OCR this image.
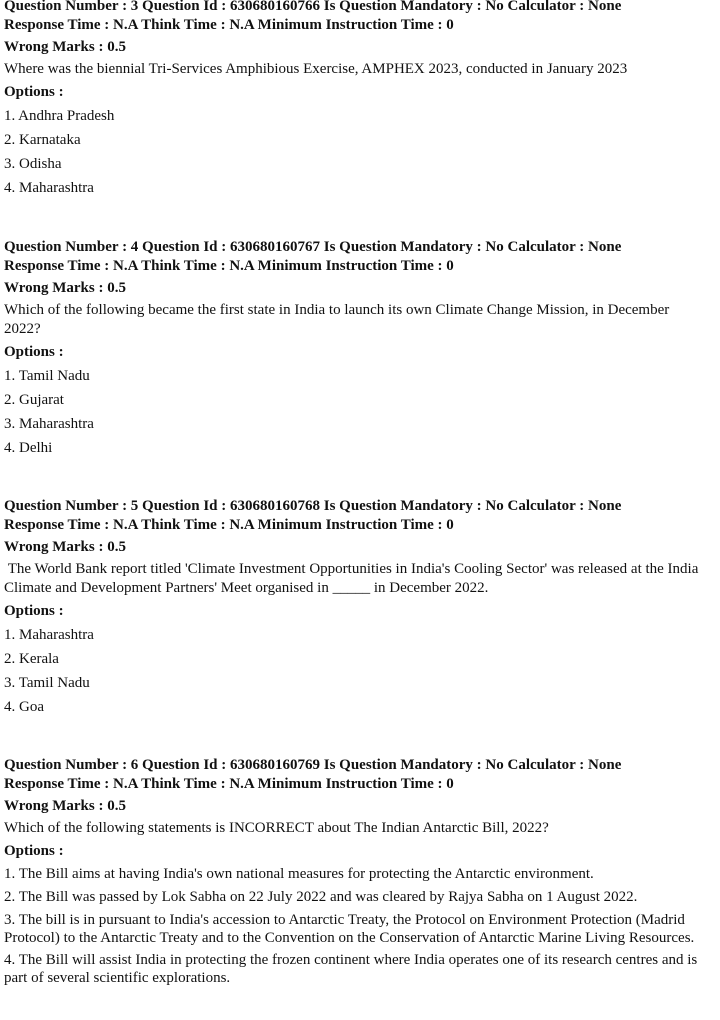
Question Number : 3 Question Id : 630680160766 Is Question Mandatory : No Calculator : None
Response Time : N.A Think Time : N.A Minimum Instruction Time : 0
Wrong Marks : 0.5
Where was the biennial Tri-Services Amphibious Exercise, AMPHEX 2023, conducted in January 2023
Options :
1. Andhra Pradesh
2. Karnataka
3. Odisha
4. Maharashtra
Question Number : 4 Question Id : 630680160767 Is Question Mandatory : No Calculator : None
Response Time : N.A Think Time : N.A Minimum Instruction Time : 0
Wrong Marks : 0.5
Which of the following became the first state in India to launch its own Climate Change Mission, in December 2022?
Options :
1. Tamil Nadu
2. Gujarat
3. Maharashtra
4. Delhi
Question Number : 5 Question Id : 630680160768 Is Question Mandatory : No Calculator : None
Response Time : N.A Think Time : N.A Minimum Instruction Time : 0
Wrong Marks : 0.5
The World Bank report titled 'Climate Investment Opportunities in India's Cooling Sector' was released at the India Climate and Development Partners' Meet organised in _____ in December 2022.
Options :
1. Maharashtra
2. Kerala
3. Tamil Nadu
4. Goa
Question Number : 6 Question Id : 630680160769 Is Question Mandatory : No Calculator : None
Response Time : N.A Think Time : N.A Minimum Instruction Time : 0
Wrong Marks : 0.5
Which of the following statements is INCORRECT about The Indian Antarctic Bill, 2022?
Options :
1. The Bill aims at having India's own national measures for protecting the Antarctic environment.
2. The Bill was passed by Lok Sabha on 22 July 2022 and was cleared by Rajya Sabha on 1 August 2022.
3. The bill is in pursuant to India's accession to Antarctic Treaty, the Protocol on Environment Protection (Madrid Protocol) to the Antarctic Treaty and to the Convention on the Conservation of Antarctic Marine Living Resources.
4. The Bill will assist India in protecting the frozen continent where India operates one of its research centres and is part of several scientific explorations.
